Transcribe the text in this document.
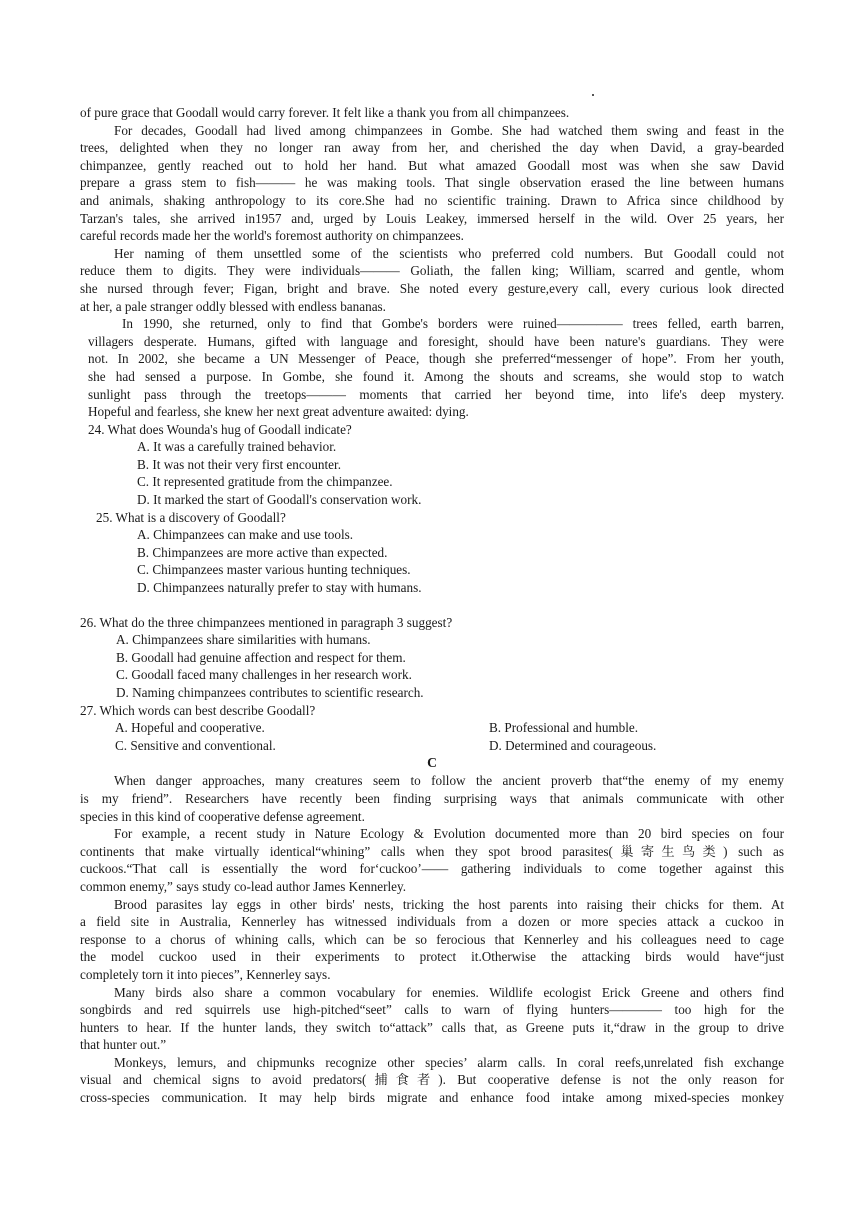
of pure grace that Goodall would carry forever. It felt like a thank you from all chimpanzees.
For decades, Goodall had lived among chimpanzees in Gombe. She had watched them swing and feast in the
trees, delighted when they no longer ran away from her, and cherished the day when David, a gray-bearded
chimpanzee, gently reached out to hold her hand. But what amazed Goodall most was when she saw David
prepare a grass stem to fish——— he was making tools. That single observation erased the line between humans
and animals, shaking anthropology to its core.She had no scientific training. Drawn to Africa since childhood by
Tarzan's tales, she arrived in1957 and, urged by Louis Leakey, immersed herself in the wild. Over 25 years, her
careful records made her the world's foremost authority on chimpanzees.
Her naming of them unsettled some of the scientists who preferred cold numbers. But Goodall could not
reduce them to digits. They were individuals——— Goliath, the fallen king; William, scarred and gentle, whom
she nursed through fever; Figan, bright and brave. She noted every gesture,every call, every curious look directed
at her, a pale stranger oddly blessed with endless bananas.
In 1990, she returned, only to find that Gombe's borders were ruined————— trees felled, earth barren,
villagers desperate. Humans, gifted with language and foresight, should have been nature's guardians. They were
not. In 2002, she became a UN Messenger of Peace, though she preferred“messenger of hope”. From her youth,
she had sensed a purpose. In Gombe, she found it. Among the shouts and screams, she would stop to watch
sunlight pass through the treetops——— moments that carried her beyond time, into life's deep mystery.
Hopeful and fearless, she knew her next great adventure awaited: dying.
24. What does Wounda's hug of Goodall indicate?
A. It was a carefully trained behavior.
B. It was not their very first encounter.
C. It represented gratitude from the chimpanzee.
D. It marked the start of Goodall's conservation work.
25. What is a discovery of Goodall?
A. Chimpanzees can make and use tools.
B. Chimpanzees are more active than expected.
C. Chimpanzees master various hunting techniques.
D. Chimpanzees naturally prefer to stay with humans.
26. What do the three chimpanzees mentioned in paragraph 3 suggest?
A. Chimpanzees share similarities with humans.
B. Goodall had genuine affection and respect for them.
C. Goodall faced many challenges in her research work.
D. Naming chimpanzees contributes to scientific research.
27. Which words can best describe Goodall?
A. Hopeful and cooperative.	B. Professional and humble.
C. Sensitive and conventional.	D. Determined and courageous.
C
When danger approaches, many creatures seem to follow the ancient proverb that“the enemy of my enemy
is my friend”. Researchers have recently been finding surprising ways that animals communicate with other
species in this kind of cooperative defense agreement.
For example, a recent study in Nature Ecology & Evolution documented more than 20 bird species on four
continents that make virtually identical“whining” calls when they spot brood parasites(巢寄生鸟类) such as
cuckoos.“That call is essentially the word for‘cuckoo’—— gathering individuals to come together against this
common enemy,” says study co-lead author James Kennerley.
Brood parasites lay eggs in other birds' nests, tricking the host parents into raising their chicks for them. At
a field site in Australia, Kennerley has witnessed individuals from a dozen or more species attack a cuckoo in
response to a chorus of whining calls, which can be so ferocious that Kennerley and his colleagues need to cage
the model cuckoo used in their experiments to protect it.Otherwise the attacking birds would have“just
completely torn it into pieces”, Kennerley says.
Many birds also share a common vocabulary for enemies. Wildlife ecologist Erick Greene and others find
songbirds and red squirrels use high-pitched“seet” calls to warn of flying hunters———— too high for the
hunters to hear. If the hunter lands, they switch to“attack” calls that, as Greene puts it,“draw in the group to drive
that hunter out.”
Monkeys, lemurs, and chipmunks recognize other species’ alarm calls. In coral reefs,unrelated fish exchange
visual and chemical signs to avoid predators(捕食者). But cooperative defense is not the only reason for
cross-species communication. It may help birds migrate and enhance food intake among mixed-species monkey
